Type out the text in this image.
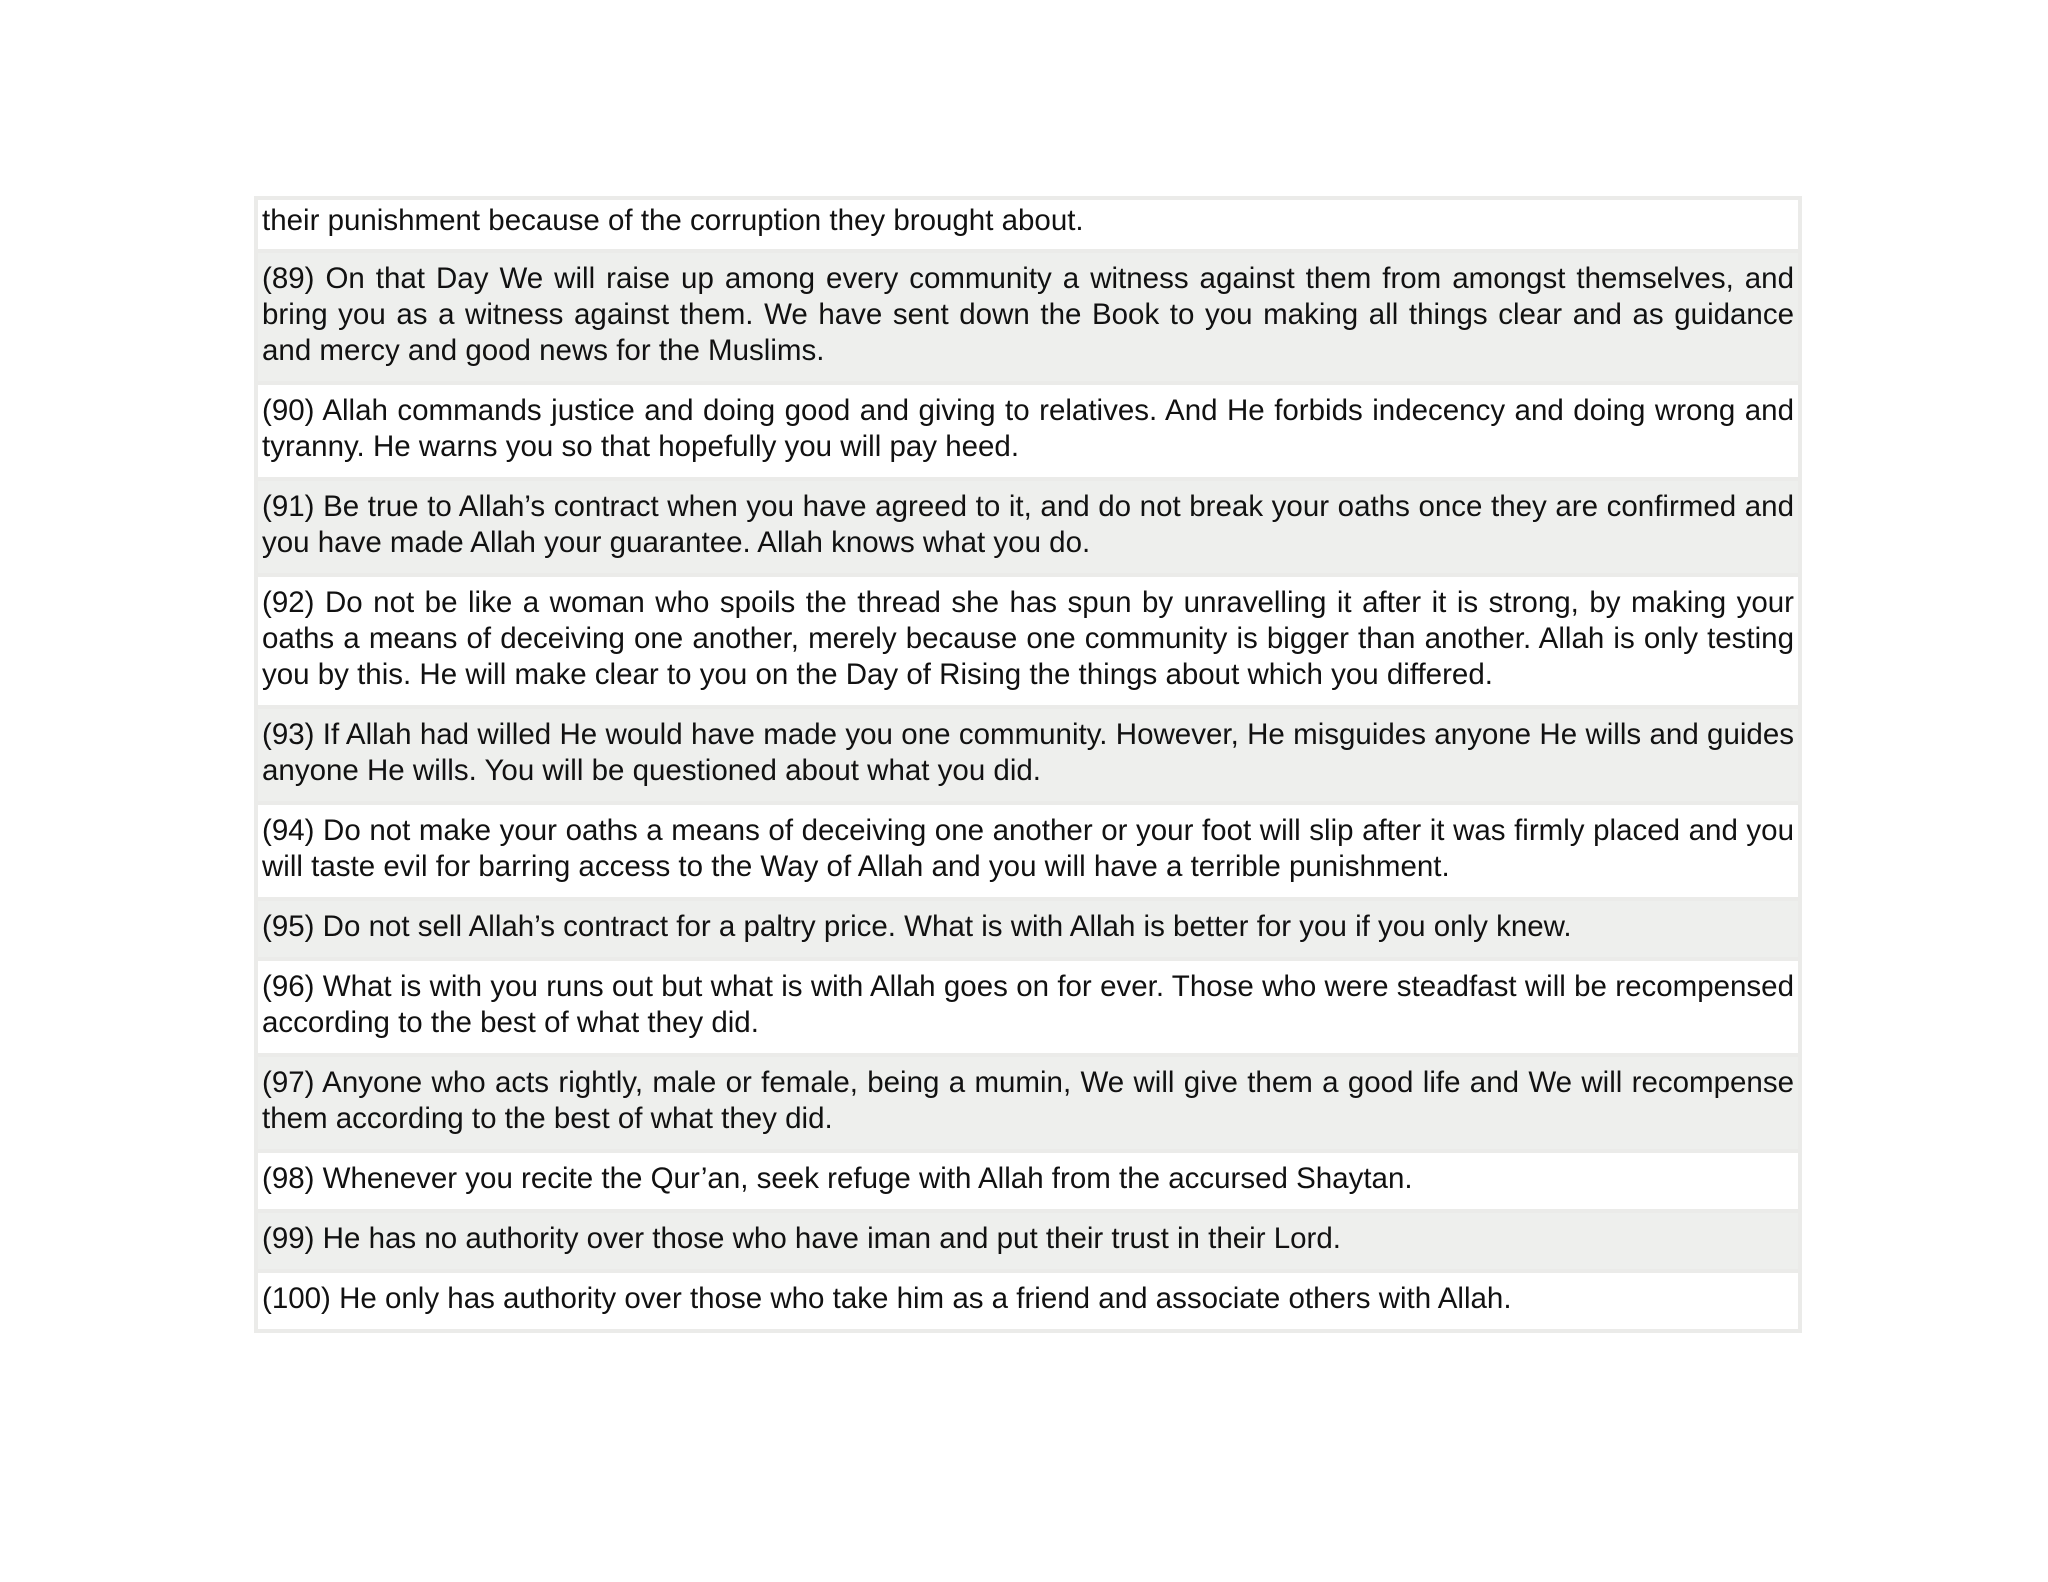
their punishment because of the corruption they brought about.
(89) On that Day We will raise up among every community a witness against them from amongst themselves, and bring you as a witness against them. We have sent down the Book to you making all things clear and as guidance and mercy and good news for the Muslims.
(90) Allah commands justice and doing good and giving to relatives. And He forbids indecency and doing wrong and tyranny. He warns you so that hopefully you will pay heed.
(91) Be true to Allah’s contract when you have agreed to it, and do not break your oaths once they are confirmed and you have made Allah your guarantee. Allah knows what you do.
(92) Do not be like a woman who spoils the thread she has spun by unravelling it after it is strong, by making your oaths a means of deceiving one another, merely because one community is bigger than another. Allah is only testing you by this. He will make clear to you on the Day of Rising the things about which you differed.
(93) If Allah had willed He would have made you one community. However, He misguides anyone He wills and guides anyone He wills. You will be questioned about what you did.
(94) Do not make your oaths a means of deceiving one another or your foot will slip after it was firmly placed and you will taste evil for barring access to the Way of Allah and you will have a terrible punishment.
(95) Do not sell Allah’s contract for a paltry price. What is with Allah is better for you if you only knew.
(96) What is with you runs out but what is with Allah goes on for ever. Those who were steadfast will be recompensed according to the best of what they did.
(97) Anyone who acts rightly, male or female, being a mumin, We will give them a good life and We will recompense them according to the best of what they did.
(98) Whenever you recite the Qur’an, seek refuge with Allah from the accursed Shaytan.
(99) He has no authority over those who have iman and put their trust in their Lord.
(100) He only has authority over those who take him as a friend and associate others with Allah.
